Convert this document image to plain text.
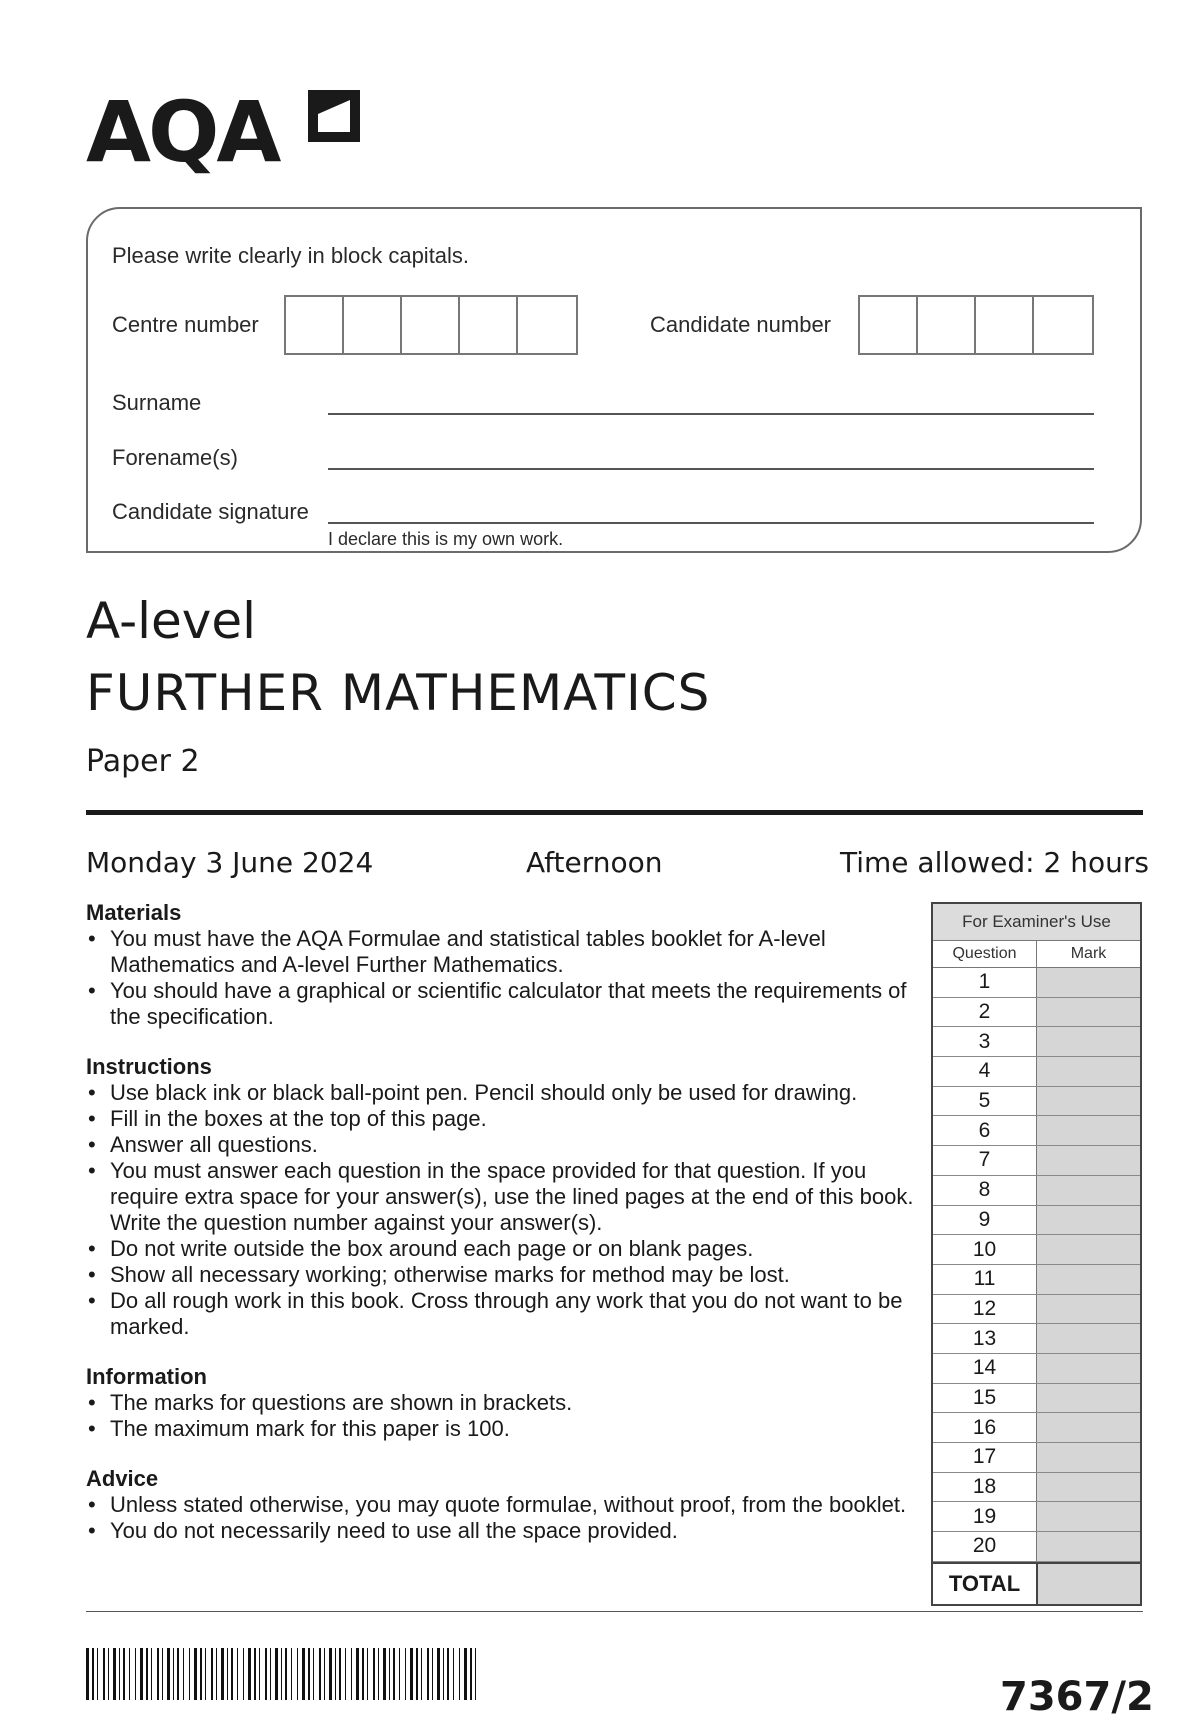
AQA
Please write clearly in block capitals.
Centre number	Candidate number
Surname
Forename(s)
Candidate signature
I declare this is my own work.
A-level
FURTHER MATHEMATICS
Paper 2
Monday 3 June 2024	Afternoon	Time allowed: 2 hours

Materials

• You must have the AQA Formulae and statistical tables booklet for A-level Mathematics and A-level Further Mathematics.
• You should have a graphical or scientific calculator that meets the requirements of the specification.

Instructions

• Use black ink or black ball-point pen. Pencil should only be used for drawing.
• Fill in the boxes at the top of this page.
• Answer all questions.
• You must answer each question in the space provided for that question. If you require extra space for your answer(s), use the lined pages at the end of this book. Write the question number against your answer(s).
• Do not write outside the box around each page or on blank pages.
• Show all necessary working; otherwise marks for method may be lost.
• Do all rough work in this book. Cross through any work that you do not want to be marked.

Information

• The marks for questions are shown in brackets.
• The maximum mark for this paper is 100.

Advice

• Unless stated otherwise, you may quote formulae, without proof, from the booklet.
• You do not necessarily need to use all the space provided.
For Examiner's Use
Question	Mark
1
2
3
4
5
6
7
8
9
10
11
12
13
14
15
16
17
18
19
20
TOTAL
7367/2
